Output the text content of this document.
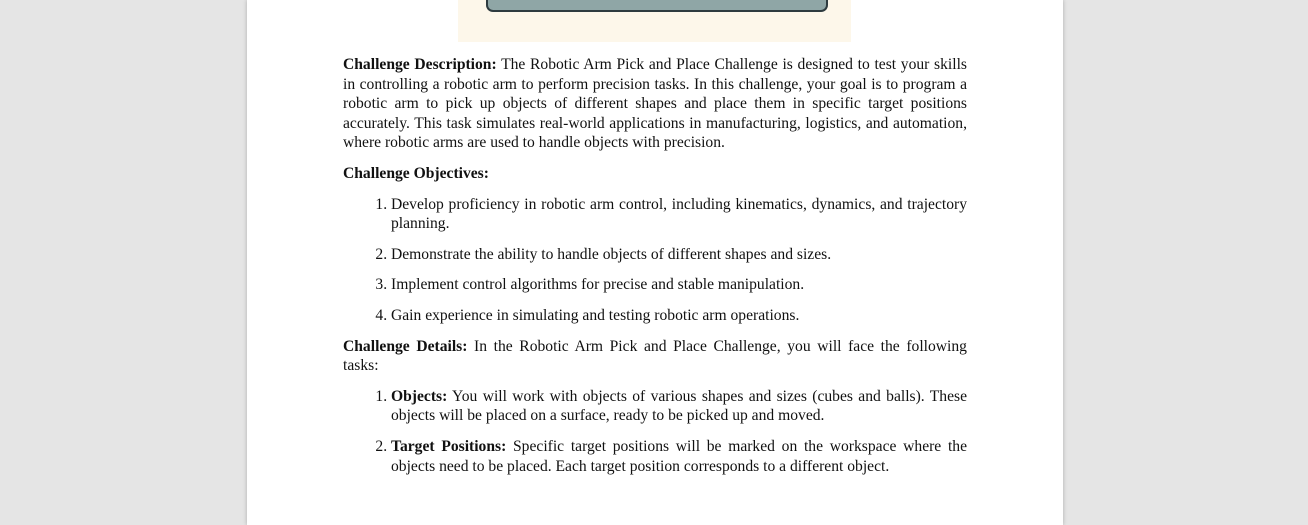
Challenge Description: The Robotic Arm Pick and Place Challenge is designed to test your skills in controlling a robotic arm to perform precision tasks. In this challenge, your goal is to program a robotic arm to pick up objects of different shapes and place them in specific target positions accurately. This task simulates real-world applications in manufacturing, logistics, and automation, where robotic arms are used to handle objects with precision.

Challenge Objectives:

1. Develop proficiency in robotic arm control, including kinematics, dynamics, and trajectory planning.
2. Demonstrate the ability to handle objects of different shapes and sizes.
3. Implement control algorithms for precise and stable manipulation.
4. Gain experience in simulating and testing robotic arm operations.

Challenge Details: In the Robotic Arm Pick and Place Challenge, you will face the following tasks:

1. Objects: You will work with objects of various shapes and sizes (cubes and balls). These objects will be placed on a surface, ready to be picked up and moved.
2. Target Positions: Specific target positions will be marked on the workspace where the objects need to be placed. Each target position corresponds to a different object.
